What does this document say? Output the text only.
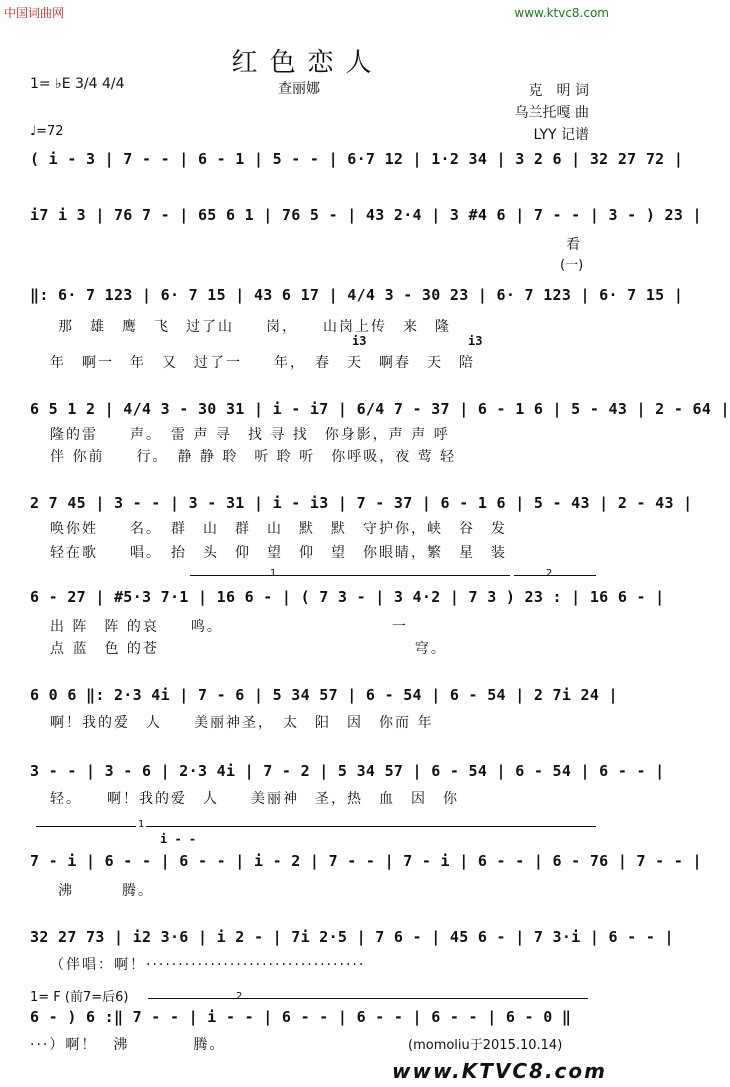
中国词曲网	www.ktvc8.com
红色恋人
1= ♭E 3/4 4/4	查丽娜	克　明 词
乌兰托嘎 曲
LYY 记谱
♩=72
( i - 3 | 7 - - | 6 - 1 | 5 - - | 6·7 12 | 1·2 34 | 3 2 6 | 32 27 72 |
i7 i 3 | 76 7 - | 65 6 1 | 76 5 - | 43 2·4 | 3 #4 6 | 7 - - | 3 - ) 23 |
看
(一)
‖: 6· 7 123 | 6· 7 15 | 43 6 17 | 4/4 3 - 30 23 | 6· 7 123 | 6· 7 15 |
那　雄　鹰　飞　过了山　　岗，　　山岗上传　来　隆
i3	i3
年　啊一　年　又　过了一　　年，　春　天　啊春　天　陪
6 5 1 2 | 4/4 3 - 30 31 | i - i7 | 6/4 7 - 37 | 6 - 1 6 | 5 - 43 | 2 - 64 |
隆的雷　　声。　雷 声 寻　找 寻 找　你身影，声 声 呼
伴 你前　　行。　静 静 聆　听 聆 听　你呼吸，夜 莺 轻
2 7 45 | 3 - - | 3 - 31 | i - i3 | 7 - 37 | 6 - 1 6 | 5 - 43 | 2 - 43 |
唤你姓　　名。　群　山　群　山　默　默　守护你，峡　谷　发
轻在歌　　唱。　抬　头　仰　望　仰　望　你眼睛，繁　星　装
1	2
6 - 27 | #5·3 7·1 | 16 6 - | ( 7 3 - | 3 4·2 | 7 3 ) 23 : | 16 6 - |
出 阵　阵 的哀　　鸣。　　　　　　　　　　　一
点 蓝　色 的苍　　　　　　　　　　　　　　　　穹。
6 0 6 ‖: 2·3 4i | 7 - 6 | 5 34 57 | 6 - 54 | 6 - 54 | 2 7i 24 |
啊！我的爱　人　　美丽神圣，　太　阳　因　你而 年
3 - - | 3 - 6 | 2·3 4i | 7 - 2 | 5 34 57 | 6 - 54 | 6 - 54 | 6 - - |
轻。　　啊！我的爱　人　　美丽神　圣，热　血　因　你
1
i - -
7 - i | 6 - - | 6 - - | i - 2 | 7 - - | 7 - i | 6 - - | 6 - 76 | 7 - - |
沸　　　腾。
32 27 73 | i2 3·6 | i 2 - | 7i 2·5 | 7 6 - | 45 6 - | 7 3·i | 6 - - |
（伴唱：啊！··································
1= F (前7=后6)	2
6 - ) 6 :‖ 7 - - | i - - | 6 - - | 6 - - | 6 - - | 6 - 0 ‖
···）啊！　沸　　　　腾。	(momoliu于2015.10.14)
www.KTVC8.com
